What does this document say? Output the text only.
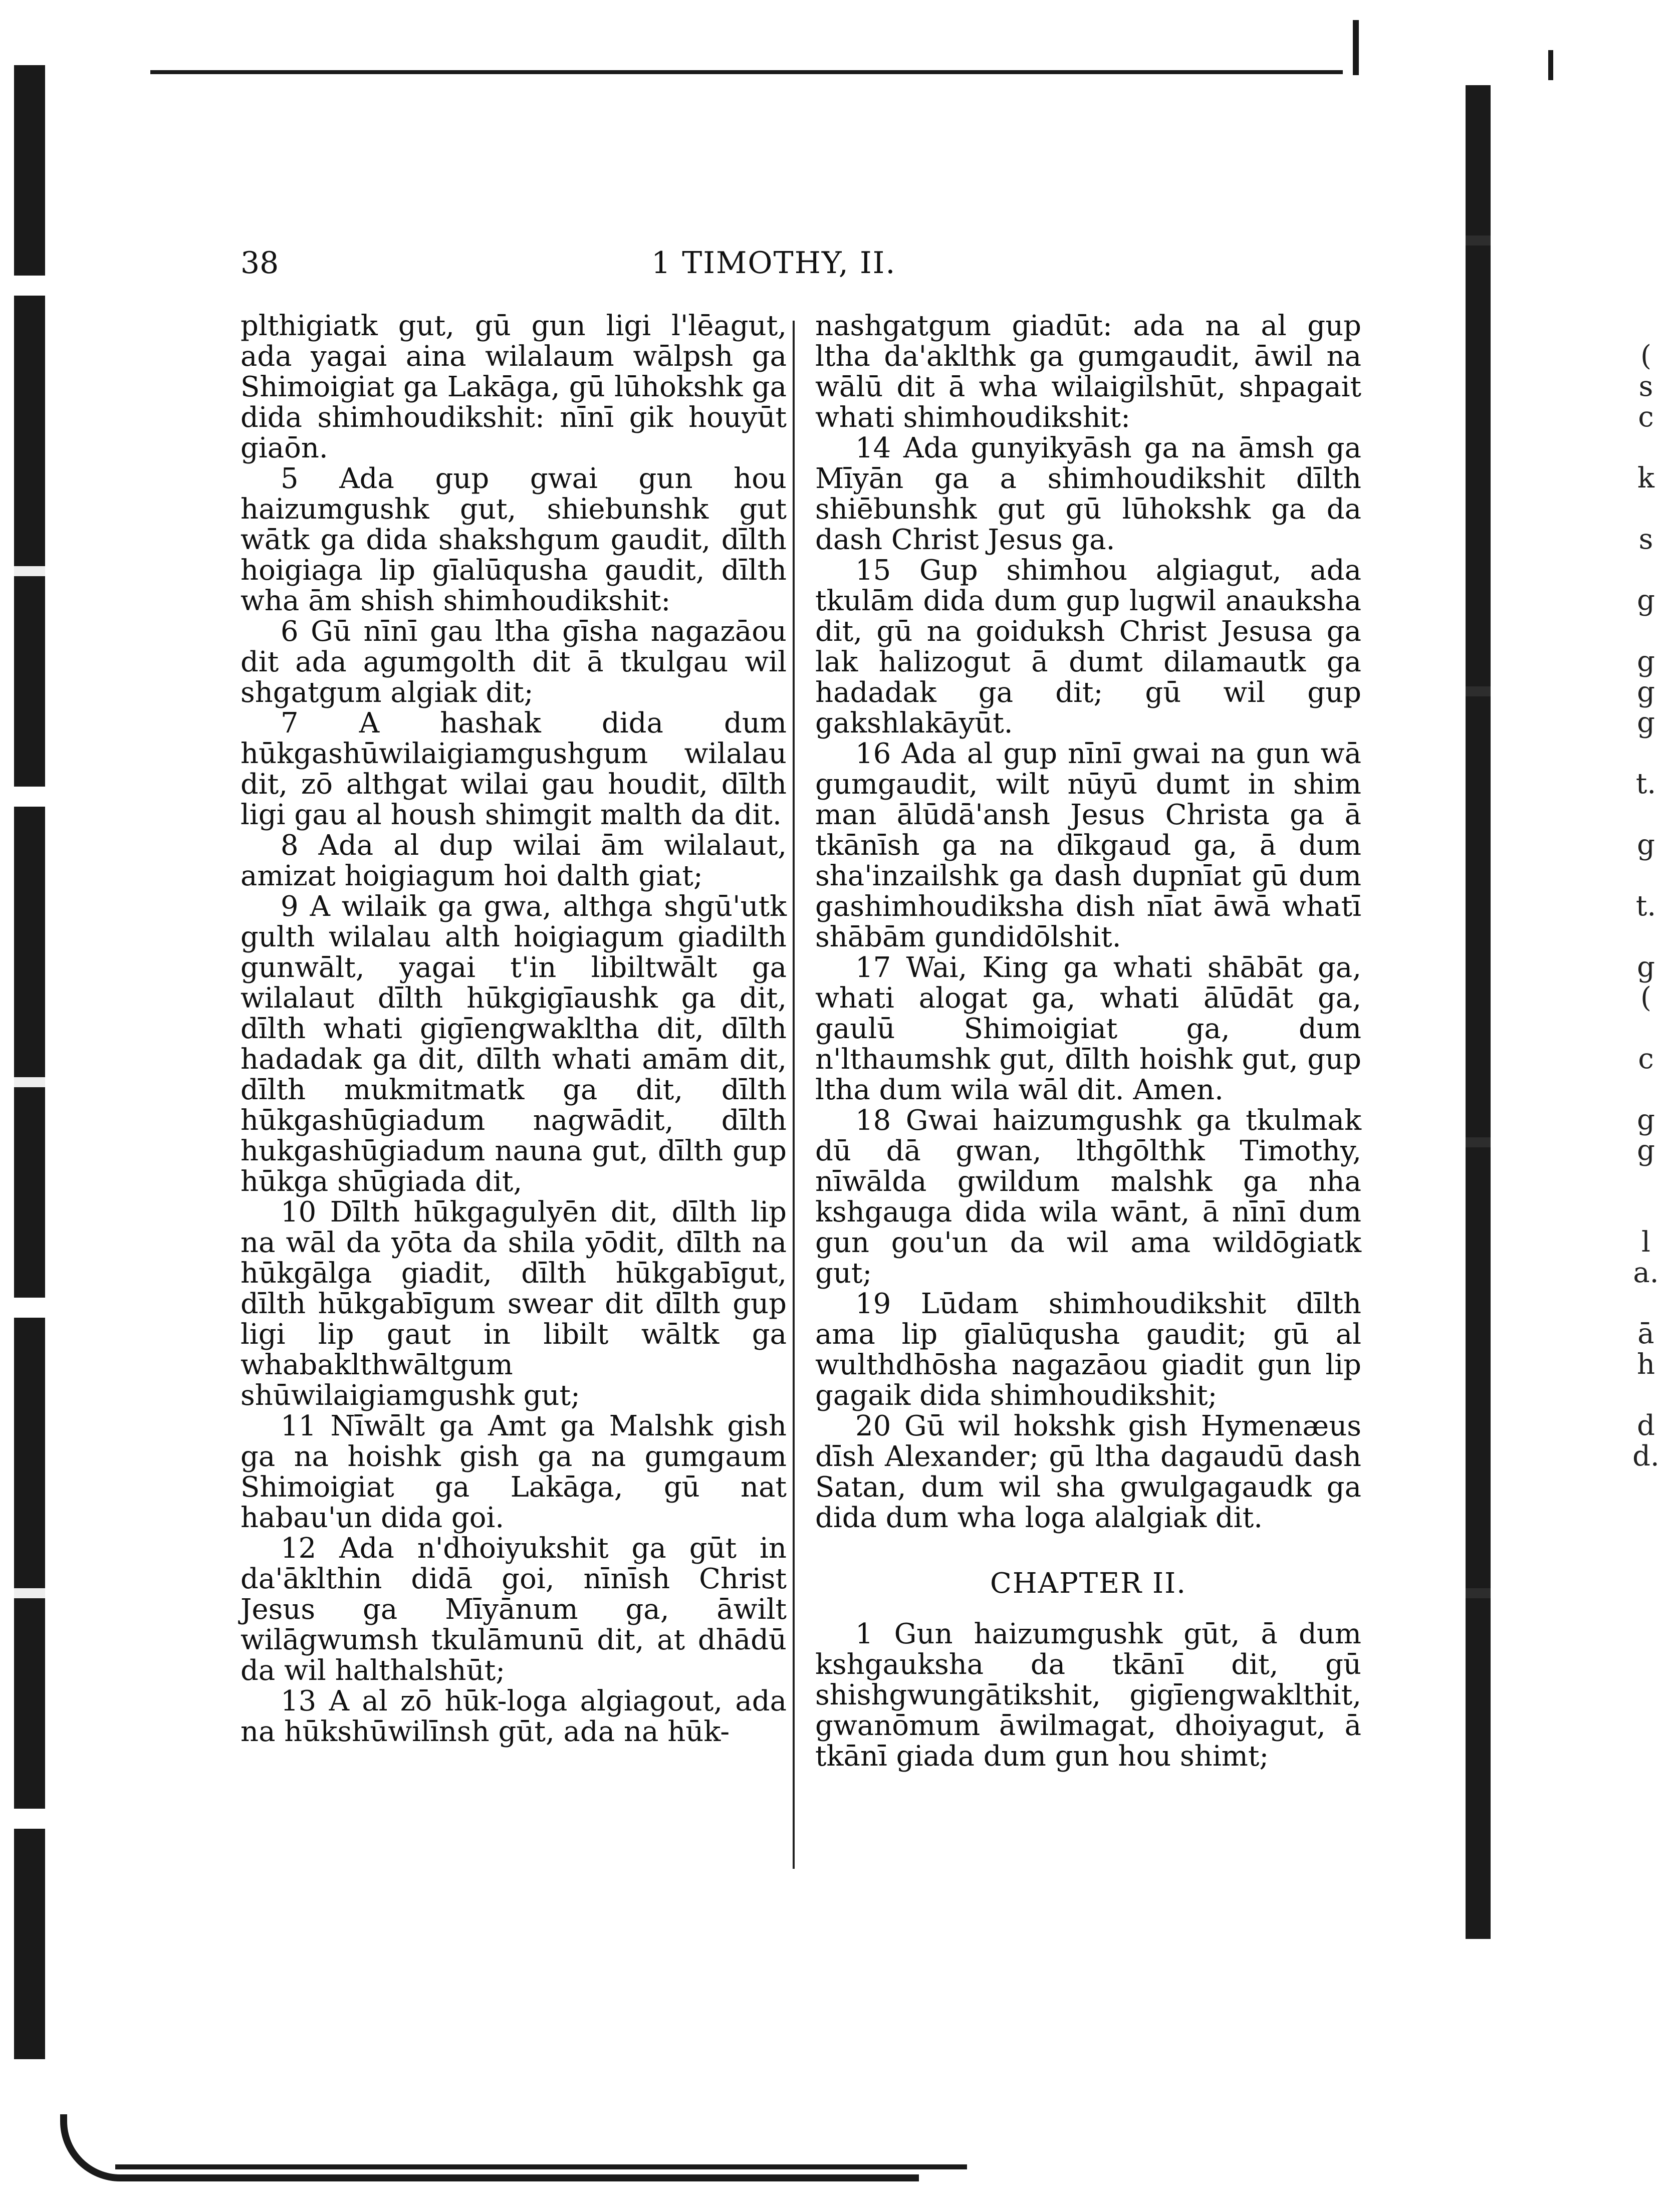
38	1 TIMOTHY, II.

plthigiatk gut, gū gun ligi l'lēagut, ada yagai aina wilalaum wālpsh ga Shimoigiat ga Lakāga, gū lūhokshk ga dida shimhoudikshit: nīnī gik houyūt giaōn.

5 Ada gup gwai gun hou haizumgushk gut, shiebunshk gut wātk ga dida shakshgum gaudit, dīlth hoigiaga lip gīalūqusha gaudit, dīlth wha ām shish shimhoudikshit:

6 Gū nīnī gau ltha gīsha nagazāou dit ada agumgolth dit ā tkulgau wil shgatgum algiak dit;

7 A hashak dida dum hūkgashūwilaigiamgushgum wilalau dit, zō althgat wilai gau houdit, dīlth ligi gau al housh shimgit malth da dit.

8 Ada al dup wilai ām wilalaut, amizat hoigiagum hoi dalth giat;

9 A wilaik ga gwa, althga shgū'utk gulth wilalau alth hoigiagum giadilth gunwālt, yagai t'in libiltwālt ga wilalaut dīlth hūkgigīaushk ga dit, dīlth whati gigīengwaklthа dit, dīlth hadadak ga dit, dīlth whati amām dit, dīlth mukmitmatk ga dit, dīlth hūkgashūgiadum nagwādit, dīlth hukgashūgiadum nauna gut, dīlth gup hūkga shūgiada dit,

10 Dīlth hūkgagulyēn dit, dīlth lip na wāl da yōta da shila yōdit, dīlth na hūkgālga giadit, dīlth hūkgabīgut, dīlth hūkgabīgum swear dit dīlth gup ligi lip gaut in libilt wāltk ga whabaklthwāltgum shūwilaigiamgushk gut;

11 Nīwālt ga Amt ga Malshk gish ga na hoishk gish ga na gumgaum Shimoigiat ga Lakāga, gū nat habau'un dida goi.

12 Ada n'dhoiyukshit ga gūt in da'āklthin didā goi, nīnīsh Christ Jesus ga Mīyānum ga, āwilt wilāgwumsh tkulāmunū dit, at dhādū da wil halthalshūt;

13 A al zō hūk-loga algiagout, ada na hūkshūwilīnsh gūt, ada na hūk-

nashgatgum giadūt: ada na al gup ltha da'aklthk ga gumgaudit, āwil na wālū dit ā wha wilaigilshūt, shpagait whati shimhoudikshit:

14 Ada gunyikyāsh ga na āmsh ga Mīyān ga a shimhoudikshit dīlth shiēbunshk gut gū lūhokshk ga da dash Christ Jesus ga.

15 Gup shimhou algiagut, ada tkulām dida dum gup lugwil anauksha dit, gū na goiduksh Christ Jesusa ga lak halizogut ā dumt dilamautk ga hadadak ga dit; gū wil gup gakshlakāyūt.

16 Ada al gup nīnī gwai na gun wā gumgaudit, wilt nūyū dumt in shim man ālūdā'ansh Jesus Christa ga ā tkānīsh ga na dīkgaud ga, ā dum sha'inzailshk ga dash dupnīat gū dum gashimhoudiksha dish nīat āwā whatī shābām gundidōlshit.

17 Wai, King ga whati shābāt ga, whati alogat ga, whati ālūdāt ga, gaulū Shimoigiat ga, dum n'lthaumshk gut, dīlth hoishk gut, gup ltha dum wila wāl dit. Amen.

18 Gwai haizumgushk ga tkulmak dū dā gwan, lthgōlthk Timothy, nīwālda gwildum malshk ga nha kshgauga dida wila wānt, ā nīnī dum gun gou'un da wil ama wildōgiatk gut;

19 Lūdam shimhoudikshit dīlth ama lip gīalūqusha gaudit; gū al wulthdhōsha nagazāou giadit gun lip gagaik dida shimhoudikshit;

20 Gū wil hokshk gish Hymenæus dīsh Alexander; gū ltha dagaudū dash Satan, dum wil sha gwulgagaudk ga dida dum wha loga alalgiak dit.

CHAPTER II.

1 Gun haizumgushk gūt, ā dum kshgauksha da tkānī dit, gū shishgwungātikshit, gigīengwaklthit, gwanōmum āwilmagat, dhoiyagut, ā tkānī giada dum gun hou shimt;

(
s
c
k
s
g
g
g
g
t.
g
t.
g
(
c
g
g
l
a.
ā
h
d
d.
